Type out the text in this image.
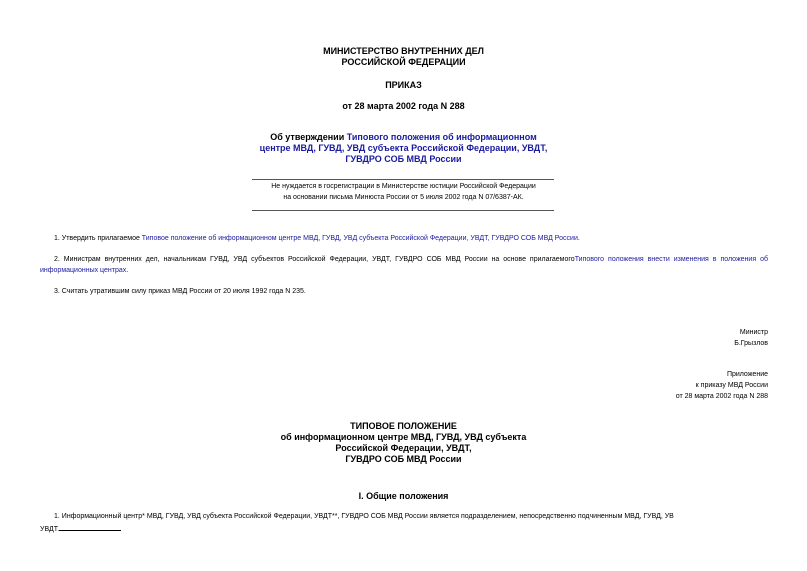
МИНИСТЕРСТВО ВНУТРЕННИХ ДЕЛ
РОССИЙСКОЙ ФЕДЕРАЦИИ
ПРИКАЗ
от 28 марта 2002 года N 288
Об утверждении Типового положения об информационном
центре МВД, ГУВД, УВД субъекта Российской Федерации, УВДТ,
ГУВДРО СОБ МВД России
Не нуждается в госрегистрации в Министерстве юстиции Российской Федерации
на основании письма Минюста России от 5 июля 2002 года N 07/6387-АК.
1. Утвердить прилагаемое Типовое положение об информационном центре МВД, ГУВД, УВД субъекта Российской Федерации, УВДТ, ГУВДРО СОБ МВД России.
2. Министрам внутренних дел, начальникам ГУВД, УВД субъектов Российской Федерации, УВДТ, ГУВДРО СОБ МВД России на основе прилагаемогоТипового положения внести изменения в положения об информационных центрах.
3. Считать утратившим силу приказ МВД России от 20 июля 1992 года N 235.
Министр
Б.Грызлов
Приложение
к приказу МВД России
от 28 марта 2002 года N 288
ТИПОВОЕ ПОЛОЖЕНИЕ
об информационном центре МВД, ГУВД, УВД субъекта
Российской Федерации, УВДТ,
ГУВДРО СОБ МВД России
I. Общие положения
1. Информационный центр* МВД, ГУВД, УВД субъекта Российской Федерации, УВДТ**, ГУВДРО СОБ МВД России является подразделением, непосредственно подчиненным МВД, ГУВД, УВ
УВДТ.
